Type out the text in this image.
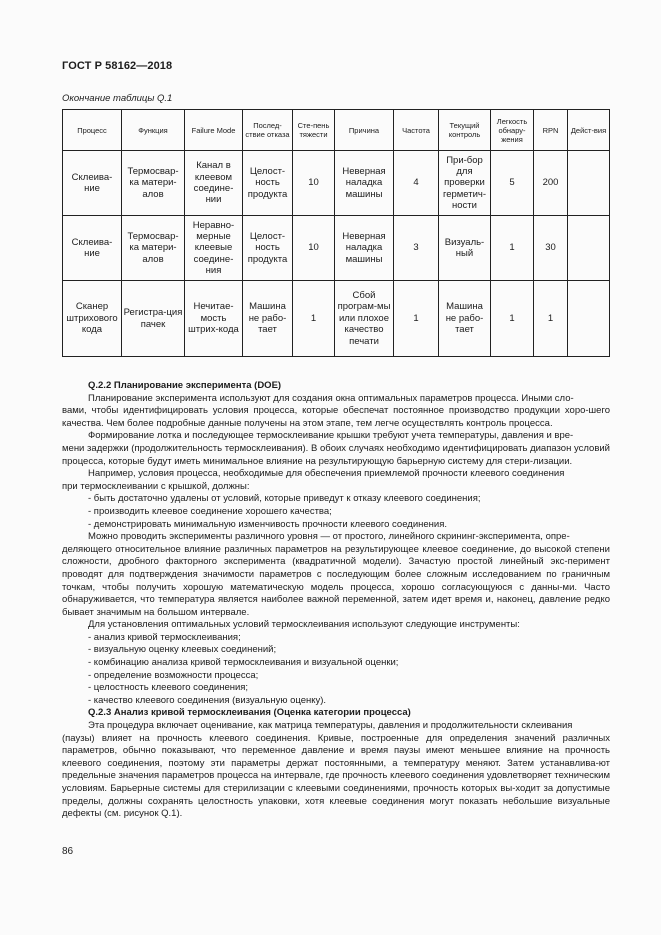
ГОСТ Р 58162—2018
Окончание таблицы Q.1
Процесс	Функция	Failure Mode	Послед-ствие отказа	Сте-пень тяжести	Причина	Частота	Текущий контроль	Легкость обнару-жения	RPN	Дейст-вия
Склеива-ние	Термосвар-ка матери-алов	Канал в клеевом соедине-нии	Целост-ность продукта	10	Неверная наладка машины	4	При-бор для проверки герметич-ности	5	200	
Склеива-ние	Термосвар-ка матери-алов	Неравно-мерные клеевые соедине-ния	Целост-ность продукта	10	Неверная наладка машины	3	Визуаль-ный	1	30	
Сканер штрихового кода	Регистра-ция пачек	Нечитае-мость штрих-кода	Машина не рабо-тает	1	Сбой програм-мы или плохое качество печати	1	Машина не рабо-тает	1	1	

Q.2.2 Планирование эксперимента (DOE)

Планирование эксперимента используют для создания окна оптимальных параметров процесса. Иными сло-

вами, чтобы идентифицировать условия процесса, которые обеспечат постоянное производство продукции хоро-шего качества. Чем более подробные данные получены на этом этапе, тем легче осуществлять контроль процесса.

Формирование лотка и последующее термосклеивание крышки требуют учета температуры, давления и вре-

мени задержки (продолжительность термосклеивания). В обоих случаях необходимо идентифицировать диапазон условий процесса, которые будут иметь минимальное влияние на результирующую барьерную систему для стери-лизации.

Например, условия процесса, необходимые для обеспечения приемлемой прочности клеевого соединения

при термосклеивании с крышкой, должны:

- быть достаточно удалены от условий, которые приведут к отказу клеевого соединения;

- производить клеевое соединение хорошего качества;

- демонстрировать минимальную изменчивость прочности клеевого соединения.

Можно проводить эксперименты различного уровня — от простого, линейного скрининг-эксперимента, опре-

деляющего относительное влияние различных параметров на результирующее клеевое соединение, до высокой степени сложности, дробного факторного эксперимента (квадратичной модели). Зачастую простой линейный экс-перимент проводят для подтверждения значимости параметров с последующим более сложным исследованием по граничным точкам, чтобы получить хорошую математическую модель процесса, хорошо согласующуюся с данны-ми. Часто обнаруживается, что температура является наиболее важной переменной, затем идет время и, наконец, давление редко бывает значимым на большом интервале.

Для установления оптимальных условий термосклеивания используют следующие инструменты:

- анализ кривой термосклеивания;

- визуальную оценку клеевых соединений;

- комбинацию анализа кривой термосклеивания и визуальной оценки;

- определение возможности процесса;

- целостность клеевого соединения;

- качество клеевого соединения (визуальную оценку).

Q.2.3 Анализ кривой термосклеивания (Оценка категории процесса)

Эта процедура включает оценивание, как матрица температуры, давления и продолжительности склеивания

(паузы) влияет на прочность клеевого соединения. Кривые, построенные для определения значений различных параметров, обычно показывают, что переменное давление и время паузы имеют меньшее влияние на прочность клеевого соединения, поэтому эти параметры держат постоянными, а температуру меняют. Затем устанавлива-ют предельные значения параметров процесса на интервале, где прочность клеевого соединения удовлетворяет техническим условиям. Барьерные системы для стерилизации с клеевыми соединениями, прочность которых вы-ходит за допустимые пределы, должны сохранять целостность упаковки, хотя клеевые соединения могут показать небольшие визуальные дефекты (см. рисунок Q.1).

86
